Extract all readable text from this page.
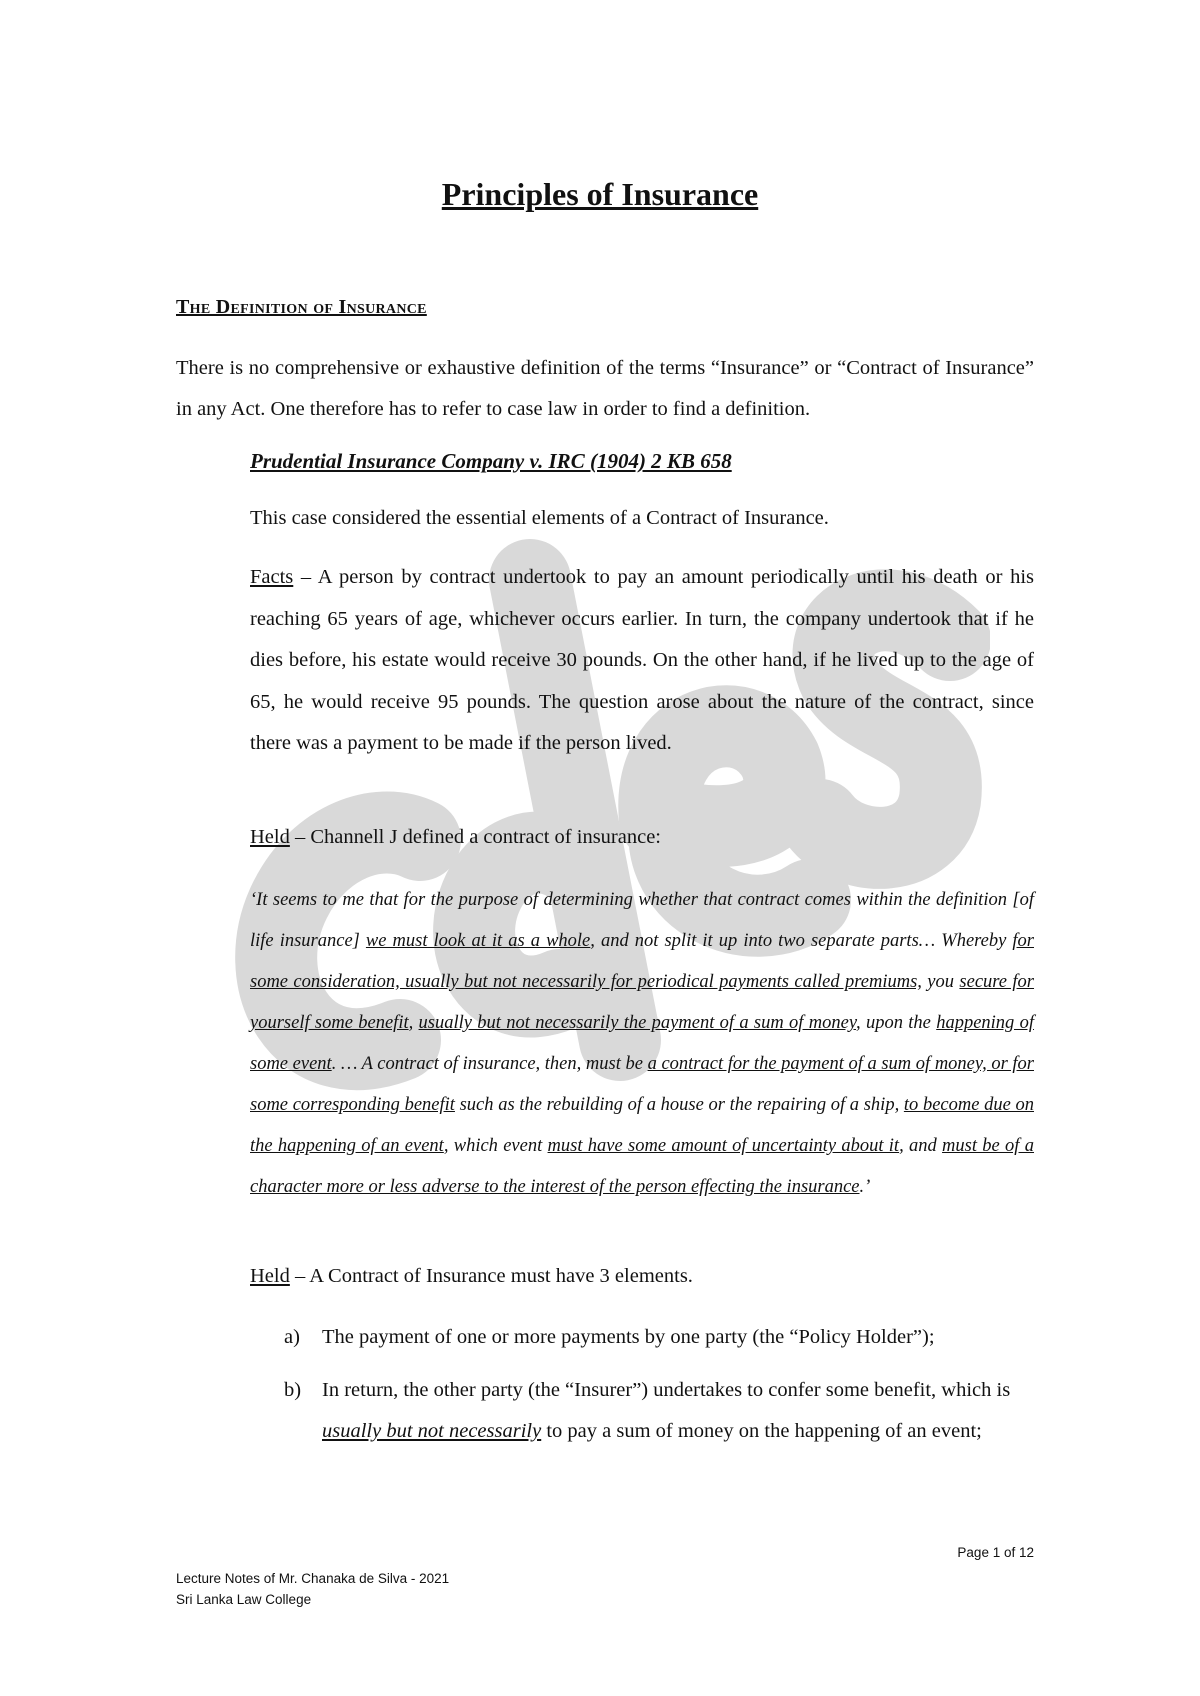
Principles of Insurance
The Definition of Insurance

There is no comprehensive or exhaustive definition of the terms “Insurance” or “Contract of Insurance” in any Act. One therefore has to refer to case law in order to find a definition.

Prudential Insurance Company v. IRC (1904) 2 KB 658
This case considered the essential elements of a Contract of Insurance.

Facts – A person by contract undertook to pay an amount periodically until his death or his reaching 65 years of age, whichever occurs earlier. In turn, the company undertook that if he dies before, his estate would receive 30 pounds. On the other hand, if he lived up to the age of 65, he would receive 95 pounds. The question arose about the nature of the contract, since there was a payment to be made if the person lived.

Held – Channell J defined a contract of insurance:

‘It seems to me that for the purpose of determining whether that contract comes within the definition [of life insurance] we must look at it as a whole, and not split it up into two separate parts… Whereby for some consideration, usually but not necessarily for periodical payments called premiums, you secure for yourself some benefit, usually but not necessarily the payment of a sum of money, upon the happening of some event. … A contract of insurance, then, must be a contract for the payment of a sum of money, or for some corresponding benefit such as the rebuilding of a house or the repairing of a ship, to become due on the happening of an event, which event must have some amount of uncertainty about it, and must be of a character more or less adverse to the interest of the person effecting the insurance.’

Held – A Contract of Insurance must have 3 elements.
a) The payment of one or more payments by one party (the “Policy Holder”);
b) In return, the other party (the “Insurer”) undertakes to confer some benefit, which is usually but not necessarily to pay a sum of money on the happening of an event;
Page 1 of 12
Lecture Notes of Mr. Chanaka de Silva - 2021
Sri Lanka Law College
